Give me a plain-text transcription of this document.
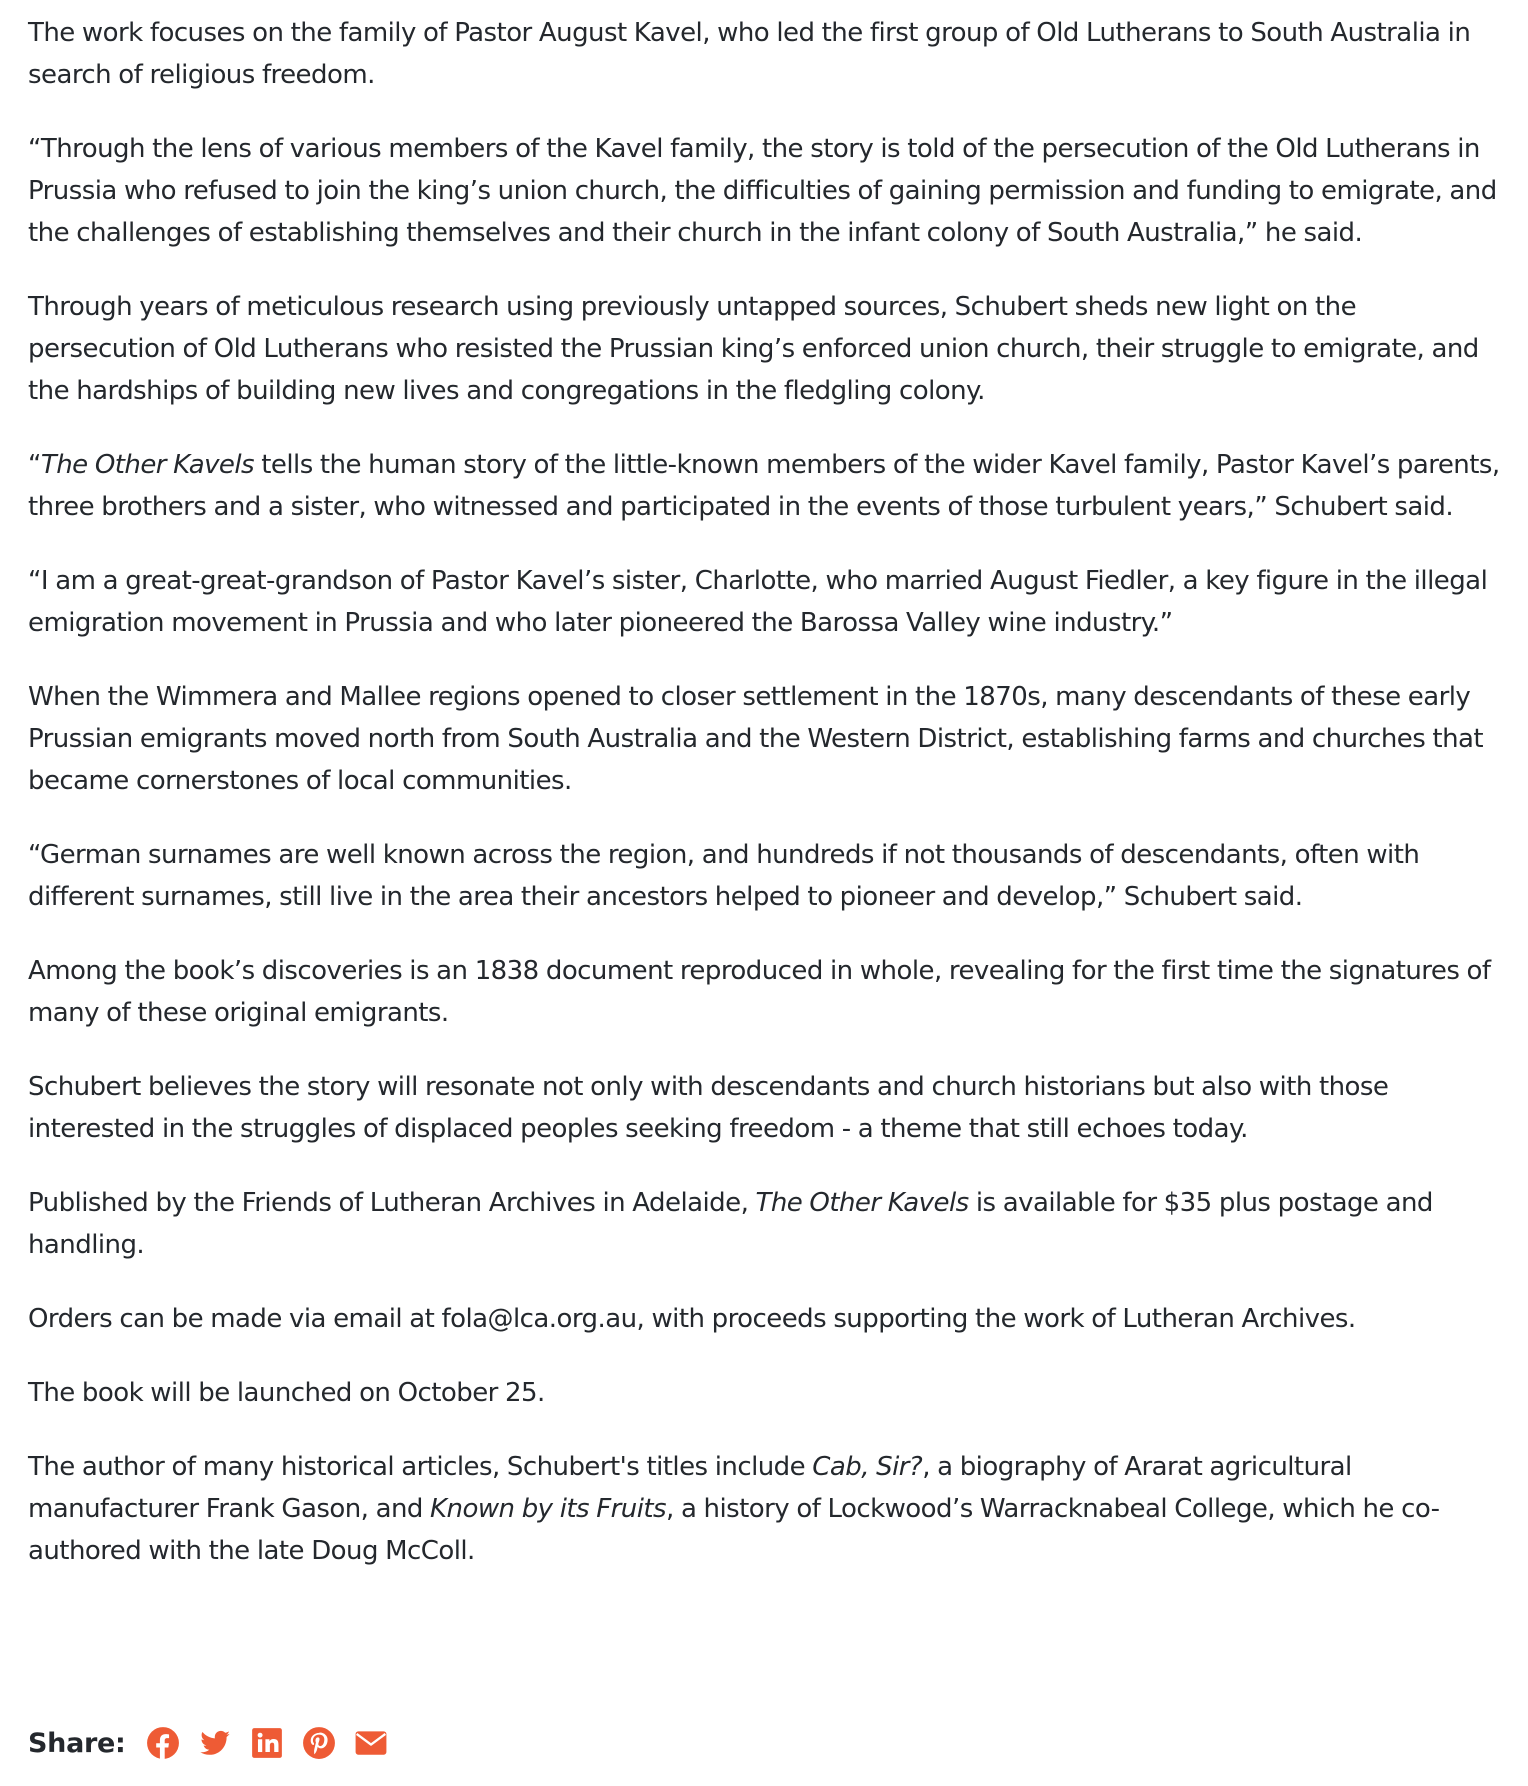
The work focuses on the family of Pastor August Kavel, who led the first group of Old Lutherans to South Australia in search of religious freedom.

“Through the lens of various members of the Kavel family, the story is told of the persecution of the Old Lutherans in Prussia who refused to join the king’s union church, the difficulties of gaining permission and funding to emigrate, and the challenges of establishing themselves and their church in the infant colony of South Australia,” he said.

Through years of meticulous research using previously untapped sources, Schubert sheds new light on the persecution of Old Lutherans who resisted the Prussian king’s enforced union church, their struggle to emigrate, and the hardships of building new lives and congregations in the fledgling colony.

“The Other Kavels tells the human story of the little-known members of the wider Kavel family, Pastor Kavel’s parents, three brothers and a sister, who witnessed and participated in the events of those turbulent years,” Schubert said.

“I am a great-great-grandson of Pastor Kavel’s sister, Charlotte, who married August Fiedler, a key figure in the illegal emigration movement in Prussia and who later pioneered the Barossa Valley wine industry.”

When the Wimmera and Mallee regions opened to closer settlement in the 1870s, many descendants of these early Prussian emigrants moved north from South Australia and the Western District, establishing farms and churches that became cornerstones of local communities.

“German surnames are well known across the region, and hundreds if not thousands of descendants, often with different surnames, still live in the area their ancestors helped to pioneer and develop,” Schubert said.

Among the book’s discoveries is an 1838 document reproduced in whole, revealing for the first time the signatures of many of these original emigrants.

Schubert believes the story will resonate not only with descendants and church historians but also with those interested in the struggles of displaced peoples seeking freedom - a theme that still echoes today.

Published by the Friends of Lutheran Archives in Adelaide, The Other Kavels is available for $35 plus postage and handling.

Orders can be made via email at fola@lca.org.au, with proceeds supporting the work of Lutheran Archives.

The book will be launched on October 25.

The author of many historical articles, Schubert's titles include Cab, Sir?, a biography of Ararat agricultural manufacturer Frank Gason, and Known by its Fruits, a history of Lockwood’s Warracknabeal College, which he co-authored with the late Doug McColl.

Share:
